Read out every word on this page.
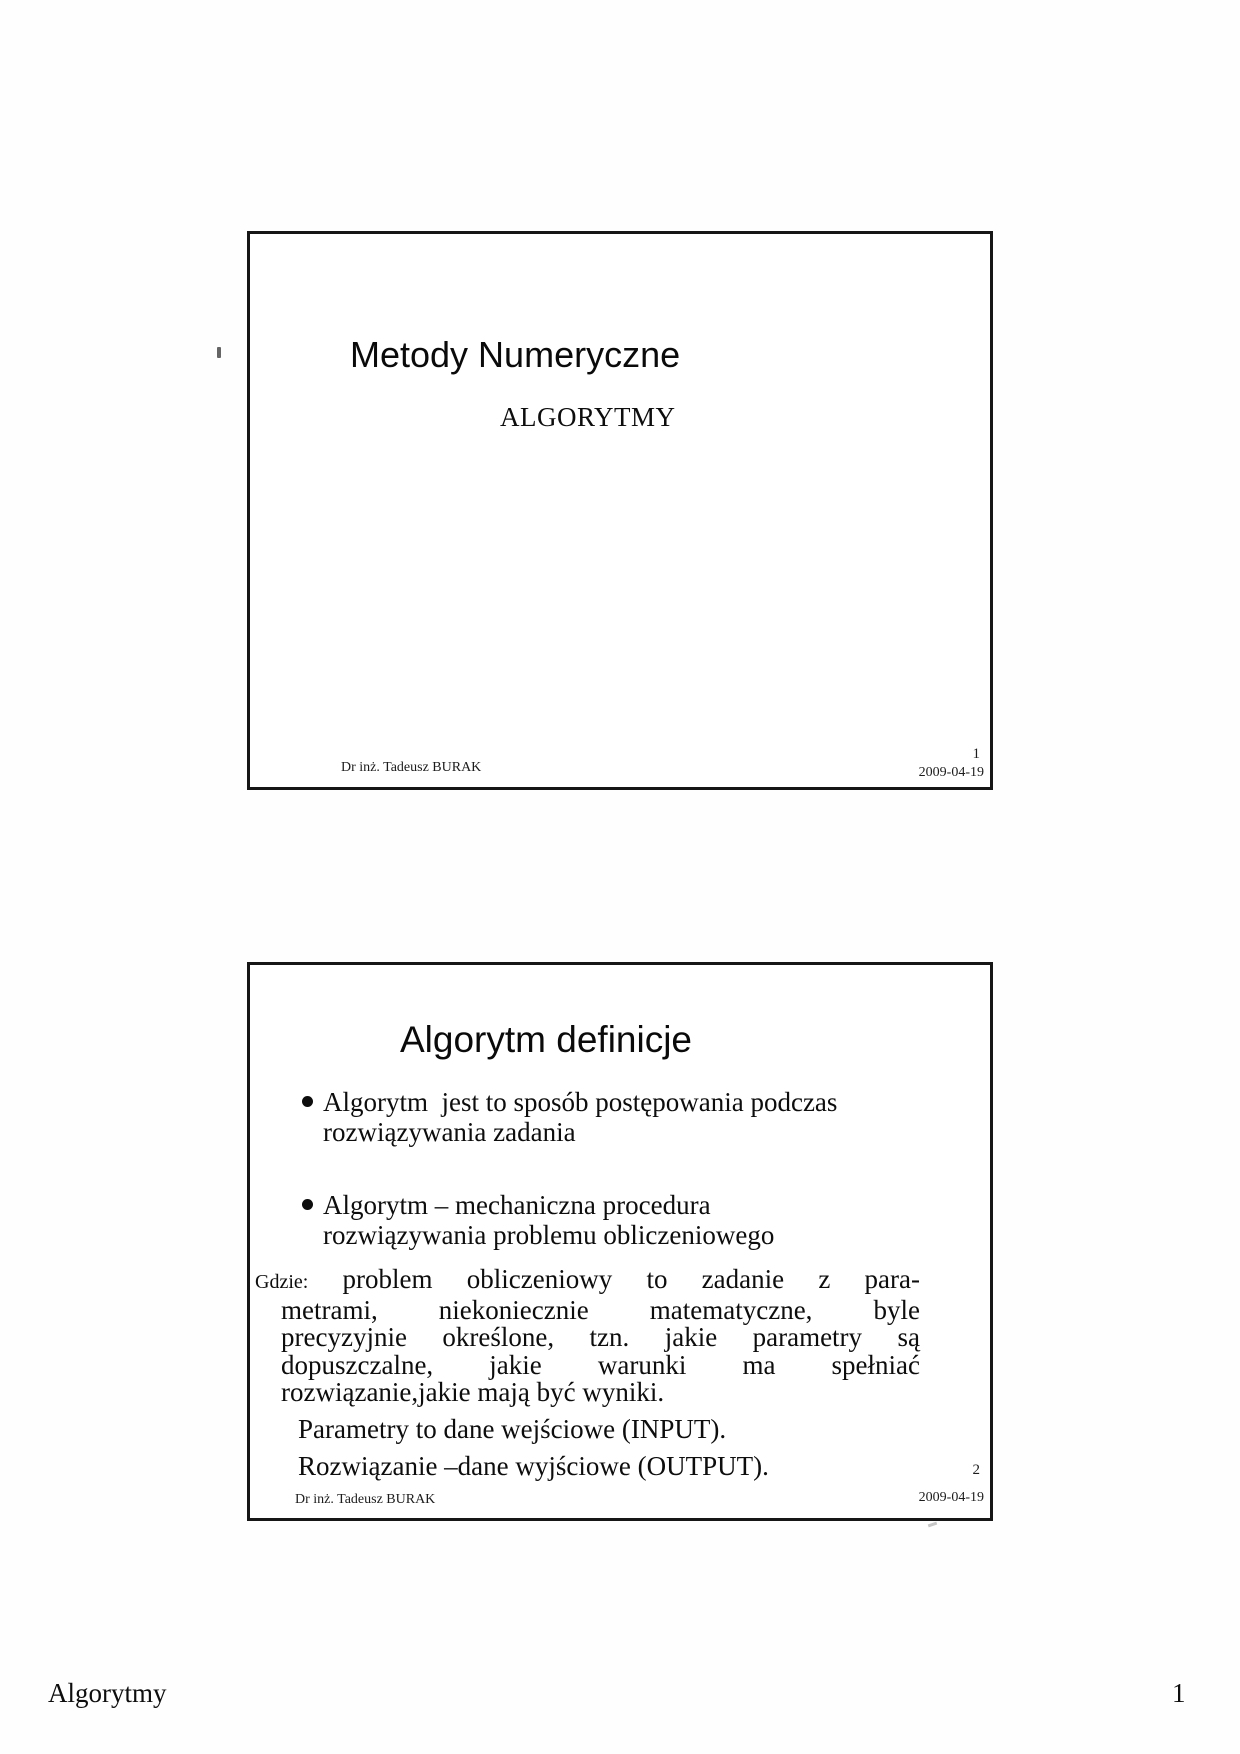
Metody Numeryczne
ALGORYTMY
Dr inż. Tadeusz BURAK
1
2009-04-19
Algorytm definicje
Algorytm  jest to sposób postępowania podczas
rozwiązywania zadania
Algorytm – mechaniczna procedura
rozwiązywania problemu obliczeniowego
Gdzie: problem obliczeniowy to zadanie z para-
metrami, niekoniecznie matematyczne, byle
precyzyjnie określone, tzn. jakie parametry są
dopuszczalne, jakie warunki ma spełniać
rozwiązanie,jakie mają być wyniki.
Parametry to dane wejściowe (INPUT).
Rozwiązanie –dane wyjściowe (OUTPUT).
Dr inż. Tadeusz BURAK
2
2009-04-19
Algorytmy	1
